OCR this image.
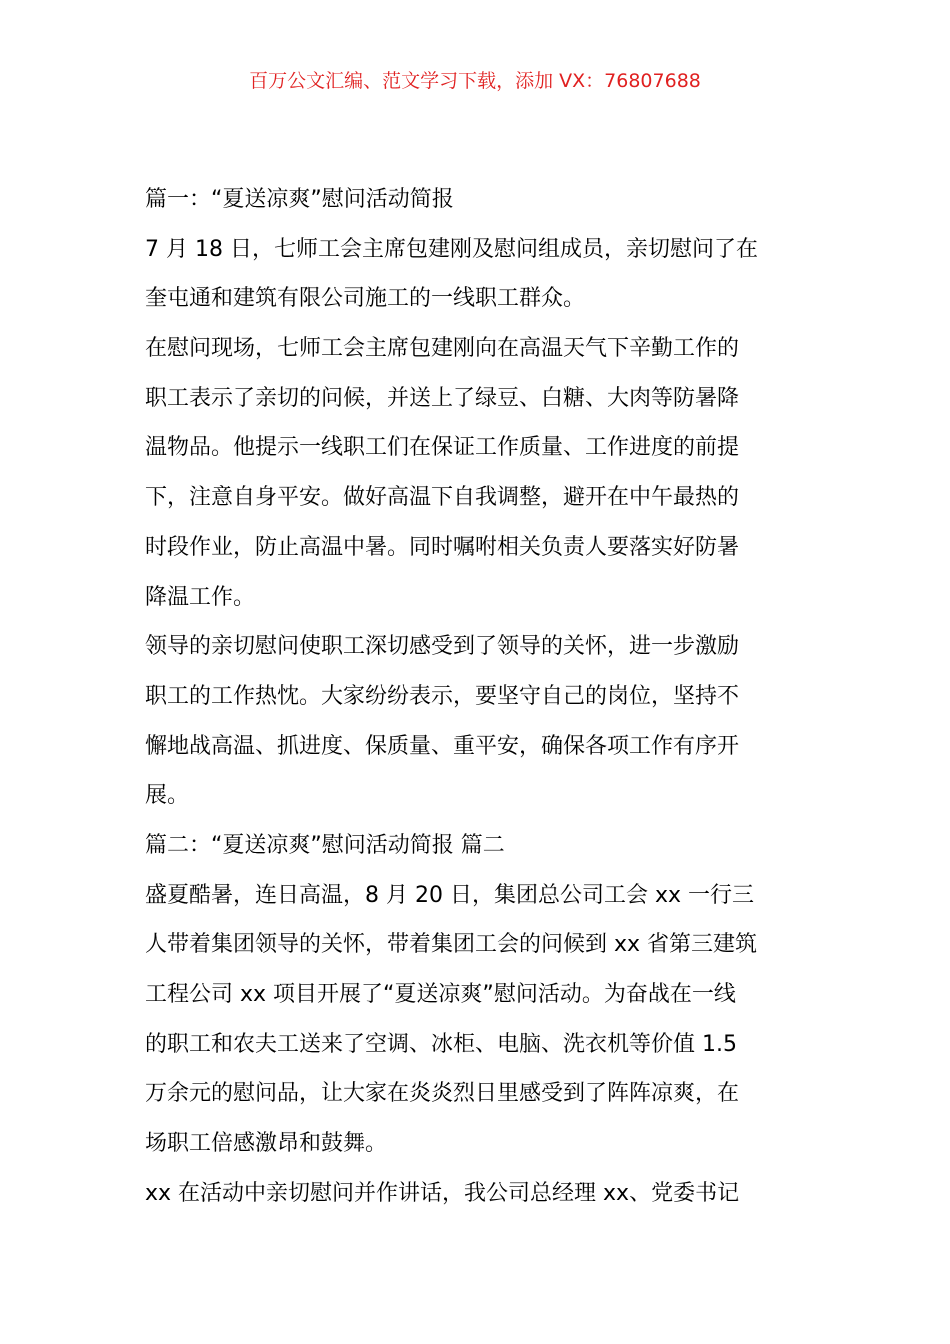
百万公文汇编、范文学习下载，添加 VX：76807688
篇一：“夏送凉爽”慰问活动简报
7 月 18 日，七师工会主席包建刚及慰问组成员，亲切慰问了在
奎屯通和建筑有限公司施工的一线职工群众。
在慰问现场，七师工会主席包建刚向在高温天气下辛勤工作的
职工表示了亲切的问候，并送上了绿豆、白糖、大肉等防暑降
温物品。他提示一线职工们在保证工作质量、工作进度的前提
下，注意自身平安。做好高温下自我调整，避开在中午最热的
时段作业，防止高温中暑。同时嘱咐相关负责人要落实好防暑
降温工作。
领导的亲切慰问使职工深切感受到了领导的关怀，进一步激励
职工的工作热忱。大家纷纷表示，要坚守自己的岗位，坚持不
懈地战高温、抓进度、保质量、重平安，确保各项工作有序开
展。
篇二：“夏送凉爽”慰问活动简报 篇二
盛夏酷暑，连日高温，8 月 20 日，集团总公司工会 xx 一行三
人带着集团领导的关怀，带着集团工会的问候到 xx 省第三建筑
工程公司 xx 项目开展了“夏送凉爽”慰问活动。为奋战在一线
的职工和农夫工送来了空调、冰柜、电脑、洗衣机等价值 1.5
万余元的慰问品，让大家在炎炎烈日里感受到了阵阵凉爽，在
场职工倍感激昂和鼓舞。
xx 在活动中亲切慰问并作讲话，我公司总经理 xx、党委书记
